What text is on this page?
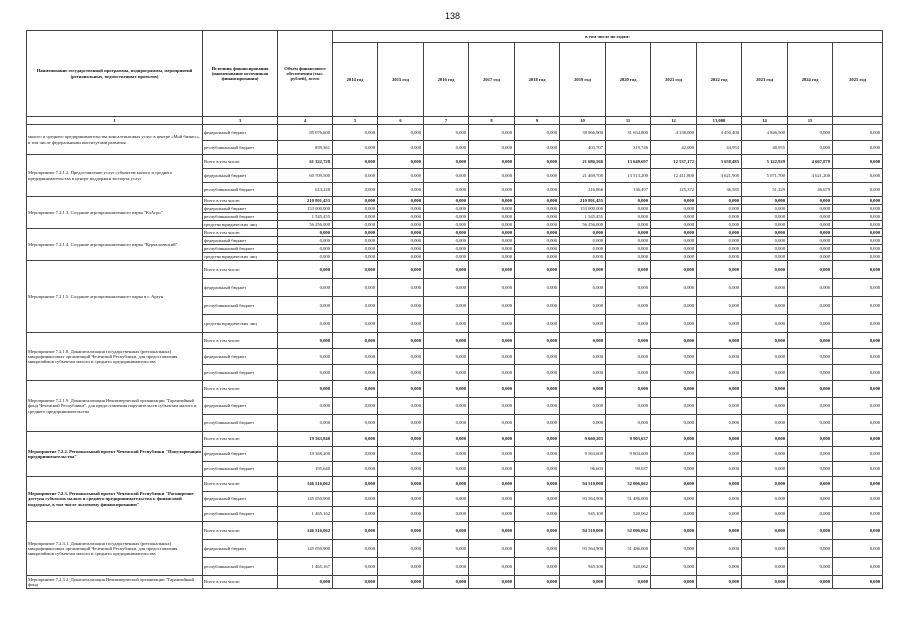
138
Наименование государственной программы, подпрограммы, мероприятий (региональных, ведомственных проектов)	Источник финансирования (наименование источников финансирования)	Объем финансового обеспечения (тыс. рублей), всего	в том числе по годам:											
			2014 год	2015 год	2016 год	2017 год	2018 год	2019 год	2020 год	2021 год	2022 год	2023 год	2024 год	2025 год
1	3	4	5	6	7	8	9	10	11	12	13,000	14	15	
малого и среднего предпринимательства консалтинговых услуг в центре «Мой бизнес», в том числе федеральными институтами развития	федеральный бюджет	85 076,600	0,000	0,000	0,000	0,000	0,000	39 966,900	31 654,800	4 138,000	4 450,400	4 846,500	0,000	0,000
	республиканский бюджет	859,361	0,000	0,000	0,000	0,000	0,000	403,707	319,746	42,000	44,954	48,955	0,000	0,000
Мероприятие 7.2.1.2. Предоставление услуг субъектам малого и среднего предпринимательства в центре поддержки экспорта услуг	Всего в том числе:	61 322,728	0,000	0,000	0,000	0,000	0,000	21 686,566	13 649,697	12 537,172	3 658,485	5 122,929	4 667,879	0,000
	федеральный бюджет	60 709,500	0,000	0,000	0,000	0,000	0,000	21 469,700	13 513,200	12 411,800	3 621,900	5 071,700	4 621,200	0,000
	республиканский бюджет	613,228	0,000	0,000	0,000	0,000	0,000	216,866	136,497	125,372	36,585	51,229	46,679	0,000
Мероприятие 7.2.1.3. Создание агропромышленного парка "КэАгро"	Всего в том числе:	210 801,455	0,000	0,000	0,000	0,000	0,000	210 801,455	0,000	0,000	0,000	0,000	0,000	0,000
	федеральный бюджет	153 000,000	0,000	0,000	0,000	0,000	0,000	153 000,000	0,000	0,000	0,000	0,000	0,000	0,000
	республиканский бюджет	1 545,455	0,000	0,000	0,000	0,000	0,000	1 545,455	0,000	0,000	0,000	0,000	0,000	0,000
	средства юридических лиц	56 256,000	0,000	0,000	0,000	0,000	0,000	56 256,000	0,000	0,000	0,000	0,000	0,000	0,000
Мероприятие 7.2.1.4. Создание агропромышленного парка "Курчалоевский"	Всего в том числе:	0,000	0,000	0,000	0,000	0,000	0,000	0,000	0,000	0,000	0,000	0,000	0,000	0,000
	федеральный бюджет	0,000	0,000	0,000	0,000	0,000	0,000	0,000	0,000	0,000	0,000	0,000	0,000	0,000
	республиканский бюджет	0,000	0,000	0,000	0,000	0,000	0,000	0,000	0,000	0,000	0,000	0,000	0,000	0,000
	средства юридических лиц	0,000	0,000	0,000	0,000	0,000	0,000	0,000	0,000	0,000	0,000	0,000	0,000	0,000
Мероприятие 7.2.1.5. Создание агропромышленного парка в г. Аргун	Всего в том числе:	0,000	0,000	0,000	0,000	0,000	0,000	0,000	0,000	0,000	0,000	0,000	0,000	0,000
	федеральный бюджет	0,000	0,000	0,000	0,000	0,000	0,000	0,000	0,000	0,000	0,000	0,000	0,000	0,000
	республиканский бюджет	0,000	0,000	0,000	0,000	0,000	0,000	0,000	0,000	0,000	0,000	0,000	0,000	0,000
	средства юридических лиц	0,000	0,000	0,000	0,000	0,000	0,000	0,000	0,000	0,000	0,000	0,000	0,000	0,000
Мероприятие 7.2.1.8. Докапитализация государственных (региональных) микрофинансовых организаций Чеченской Республики, для предоставления микрозаймов субъектам малого и среднего предпринимательства	Всего в том числе:	0,000	0,000	0,000	0,000	0,000	0,000	0,000	0,000	0,000	0,000	0,000	0,000	0,000
	федеральный бюджет	0,000	0,000	0,000	0,000	0,000	0,000	0,000	0,000	0,000	0,000	0,000	0,000	0,000
	республиканский бюджет	0,000	0,000	0,000	0,000	0,000	0,000	0,000	0,000	0,000	0,000	0,000	0,000	0,000
Мероприятие 7.2.1.9. Докапитализация Некоммерческой организации "Гарантийный фонд Чеченской Республики", для предоставления поручительств субъектам малого и среднего предпринимательства	Всего в том числе:	0,000	0,000	0,000	0,000	0,000	0,000	0,000	0,000	0,000	0,000	0,000	0,000	0,000
	федеральный бюджет	0,000	0,000	0,000	0,000	0,000	0,000	0,000	0,000	0,000	0,000	0,000	0,000	0,000
	республиканский бюджет	0,000	0,000	0,000	0,000	0,000	0,000	0,000	0,000	0,000	0,000	0,000	0,000	0,000
Мероприятие 7.2.2. Региональный проект Чеченской Республики "Популяризация предпринимательства"	Всего в том числе:	19 563,840	0,000	0,000	0,000	0,000	0,000	9 660,203	9 903,637	0,000	0,000	0,000	0,000	0,000
	федеральный бюджет	19 368,200	0,000	0,000	0,000	0,000	0,000	9 563,600	9 804,600	0,000	0,000	0,000	0,000	0,000
	республиканский бюджет	195,640	0,000	0,000	0,000	0,000	0,000	96,603	99,037	0,000	0,000	0,000	0,000	0,000
Мероприятие 7.2.3. Региональный проект Чеченской Республики "Расширение доступа субъектов малого и среднего предпринимательства к финансовой поддержке, в том числе льготному финансированию"	Всего в том числе:	146 516,062	0,000	0,000	0,000	0,000	0,000	94 510,000	52 006,062	0,000	0,000	0,000	0,000	0,000
	федеральный бюджет	145 050,900	0,000	0,000	0,000	0,000	0,000	93 564,900	51 486,000	0,000	0,000	0,000	0,000	0,000
	республиканский бюджет	1 465,162	0,000	0,000	0,000	0,000	0,000	945,100	520,062	0,000	0,000	0,000	0,000	0,000
Мероприятие 7.2.3.1. Докапитализация государственных (региональных) микрофинансовых организаций Чеченской Республики, для предоставления микрозаймов субъектам малого и среднего предпринимательства	Всего в том числе:	146 516,062	0,000	0,000	0,000	0,000	0,000	94 510,000	52 006,062	0,000	0,000	0,000	0,000	0,000
	федеральный бюджет	145 050,900	0,000	0,000	0,000	0,000	0,000	93 564,900	51 486,000	0,000	0,000	0,000	0,000	0,000
	республиканский бюджет	1 465,167	0,000	0,000	0,000	0,000	0,000	945,100	520,062	0,000	0,000	0,000	0,000	0,000
Мероприятие 7.2.3.2. Докапитализация Некоммерческой организации "Гарантийный фонд	Всего в том числе:	0,000	0,000	0,000	0,000	0,000	0,000	0,000	0,000	0,000	0,000	0,000	0,000	0,000
